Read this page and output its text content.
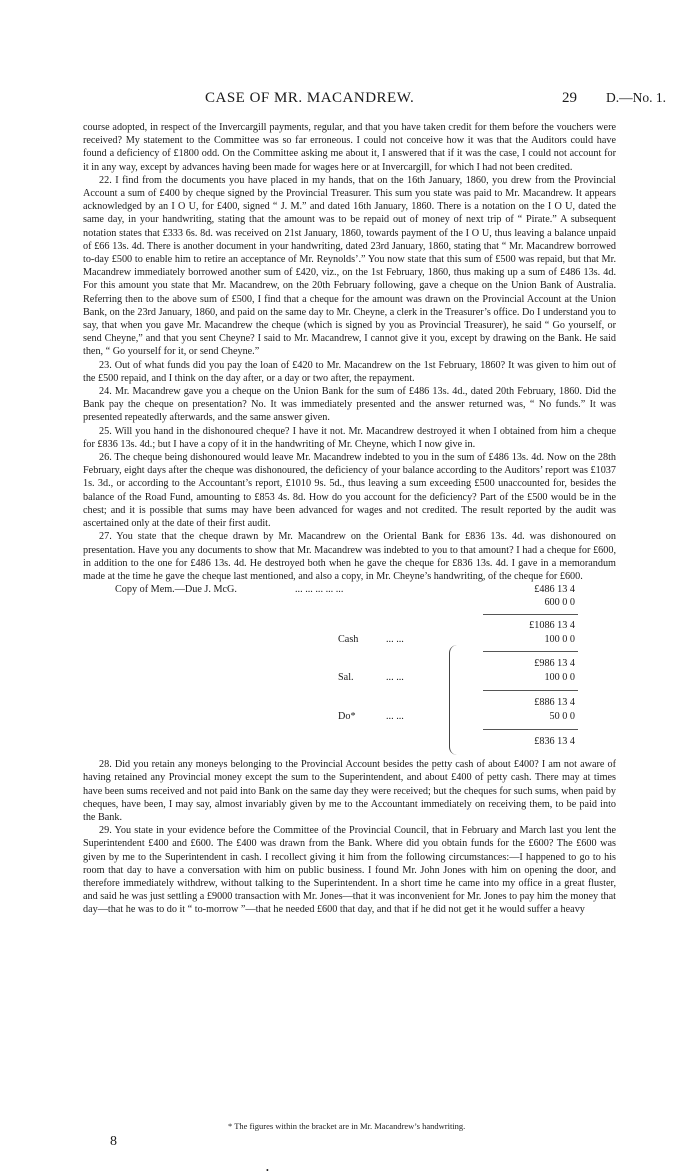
CASE OF MR. MACANDREW.	29 D.—No. 1.

course adopted, in respect of the Invercargill payments, regular, and that you have taken credit for them before the vouchers were received? My statement to the Committee was so far erroneous. I could not conceive how it was that the Auditors could have found a deficiency of £1800 odd. On the Committee asking me about it, I answered that if it was the case, I could not account for it in any way, except by advances having been made for wages here or at Invercargill, for which I had not been credited.

22. I find from the documents you have placed in my hands, that on the 16th January, 1860, you drew from the Provincial Account a sum of £400 by cheque signed by the Provincial Treasurer. This sum you state was paid to Mr. Macandrew. It appears acknowledged by an I O U, for £400, signed “ J. M.” and dated 16th January, 1860. There is a notation on the I O U, dated the same day, in your handwriting, stating that the amount was to be repaid out of money of next trip of “ Pirate.” A subsequent notation states that £333 6s. 8d. was received on 21st January, 1860, towards payment of the I O U, thus leaving a balance unpaid of £66 13s. 4d. There is another document in your handwriting, dated 23rd January, 1860, stating that “ Mr. Macandrew borrowed to-day £500 to enable him to retire an acceptance of Mr. Reynolds’.” You now state that this sum of £500 was repaid, but that Mr. Macandrew immediately borrowed another sum of £420, viz., on the 1st February, 1860, thus making up a sum of £486 13s. 4d. For this amount you state that Mr. Macandrew, on the 20th February following, gave a cheque on the Union Bank of Australia. Referring then to the above sum of £500, I find that a cheque for the amount was drawn on the Provincial Account at the Union Bank, on the 23rd January, 1860, and paid on the same day to Mr. Cheyne, a clerk in the Treasurer’s office. Do I understand you to say, that when you gave Mr. Macandrew the cheque (which is signed by you as Provincial Treasurer), he said “ Go yourself, or send Cheyne,” and that you sent Cheyne? I said to Mr. Macandrew, I cannot give it you, except by drawing on the Bank. He said then, “ Go yourself for it, or send Cheyne.”

23. Out of what funds did you pay the loan of £420 to Mr. Macandrew on the 1st February, 1860? It was given to him out of the £500 repaid, and I think on the day after, or a day or two after, the repayment.

24. Mr. Macandrew gave you a cheque on the Union Bank for the sum of £486 13s. 4d., dated 20th February, 1860. Did the Bank pay the cheque on presentation? No. It was immediately presented and the answer returned was, “ No funds.” It was presented repeatedly afterwards, and the same answer given.

25. Will you hand in the dishonoured cheque? I have it not. Mr. Macandrew destroyed it when I obtained from him a cheque for £836 13s. 4d.; but I have a copy of it in the handwriting of Mr. Cheyne, which I now give in.

26. The cheque being dishonoured would leave Mr. Macandrew indebted to you in the sum of £486 13s. 4d. Now on the 28th February, eight days after the cheque was dishonoured, the deficiency of your balance according to the Auditors’ report was £1037 1s. 3d., or according to the Accountant’s report, £1010 9s. 5d., thus leaving a sum exceeding £500 unaccounted for, besides the balance of the Road Fund, amounting to £853 4s. 8d. How do you account for the deficiency? Part of the £500 would be in the chest; and it is possible that sums may have been advanced for wages and not credited. The result reported by the audit was ascertained only at the date of their first audit.

27. You state that the cheque drawn by Mr. Macandrew on the Oriental Bank for £836 13s. 4d. was dishonoured on presentation. Have you any documents to show that Mr. Macandrew was indebted to you to that amount? I had a cheque for £600, in addition to the one for £486 13s. 4d. He destroyed both when he gave the cheque for £836 13s. 4d. I gave in a memorandum made at the time he gave the cheque last mentioned, and also a copy, in Mr. Cheyne’s handwriting, of the cheque for £600.

Copy of Mem.—Due J. McG.	... ... ... ... ...	£486 13 4
600 0 0
£1086 13 4
Cash	... ...	100 0 0
£986 13 4
Sal.	... ...	100 0 0
£886 13 4
Do*	... ...	50 0 0
£836 13 4

28. Did you retain any moneys belonging to the Provincial Account besides the petty cash of about £400? I am not aware of having retained any Provincial money except the sum to the Superintendent, and about £400 of petty cash. There may at times have been sums received and not paid into Bank on the same day they were received; but the cheques for such sums, when paid by cheques, have been, I may say, almost invariably given by me to the Accountant immediately on receiving them, to be paid into the Bank.

29. You state in your evidence before the Committee of the Provincial Council, that in February and March last you lent the Superintendent £400 and £600. The £400 was drawn from the Bank. Where did you obtain funds for the £600? The £600 was given by me to the Superintendent in cash. I recollect giving it him from the following circumstances:—I happened to go to his room that day to have a conversation with him on public business. I found Mr. John Jones with him on opening the door, and therefore immediately withdrew, without talking to the Superintendent. In a short time he came into my office in a great fluster, and said he was just settling a £9000 transaction with Mr. Jones—that it was inconvenient for Mr. Jones to pay him the money that day—that he was to do it “ to-morrow ”—that he needed £600 that day, and that if he did not get it he would suffer a heavy

* The figures within the bracket are in Mr. Macandrew’s handwriting.
8
•
